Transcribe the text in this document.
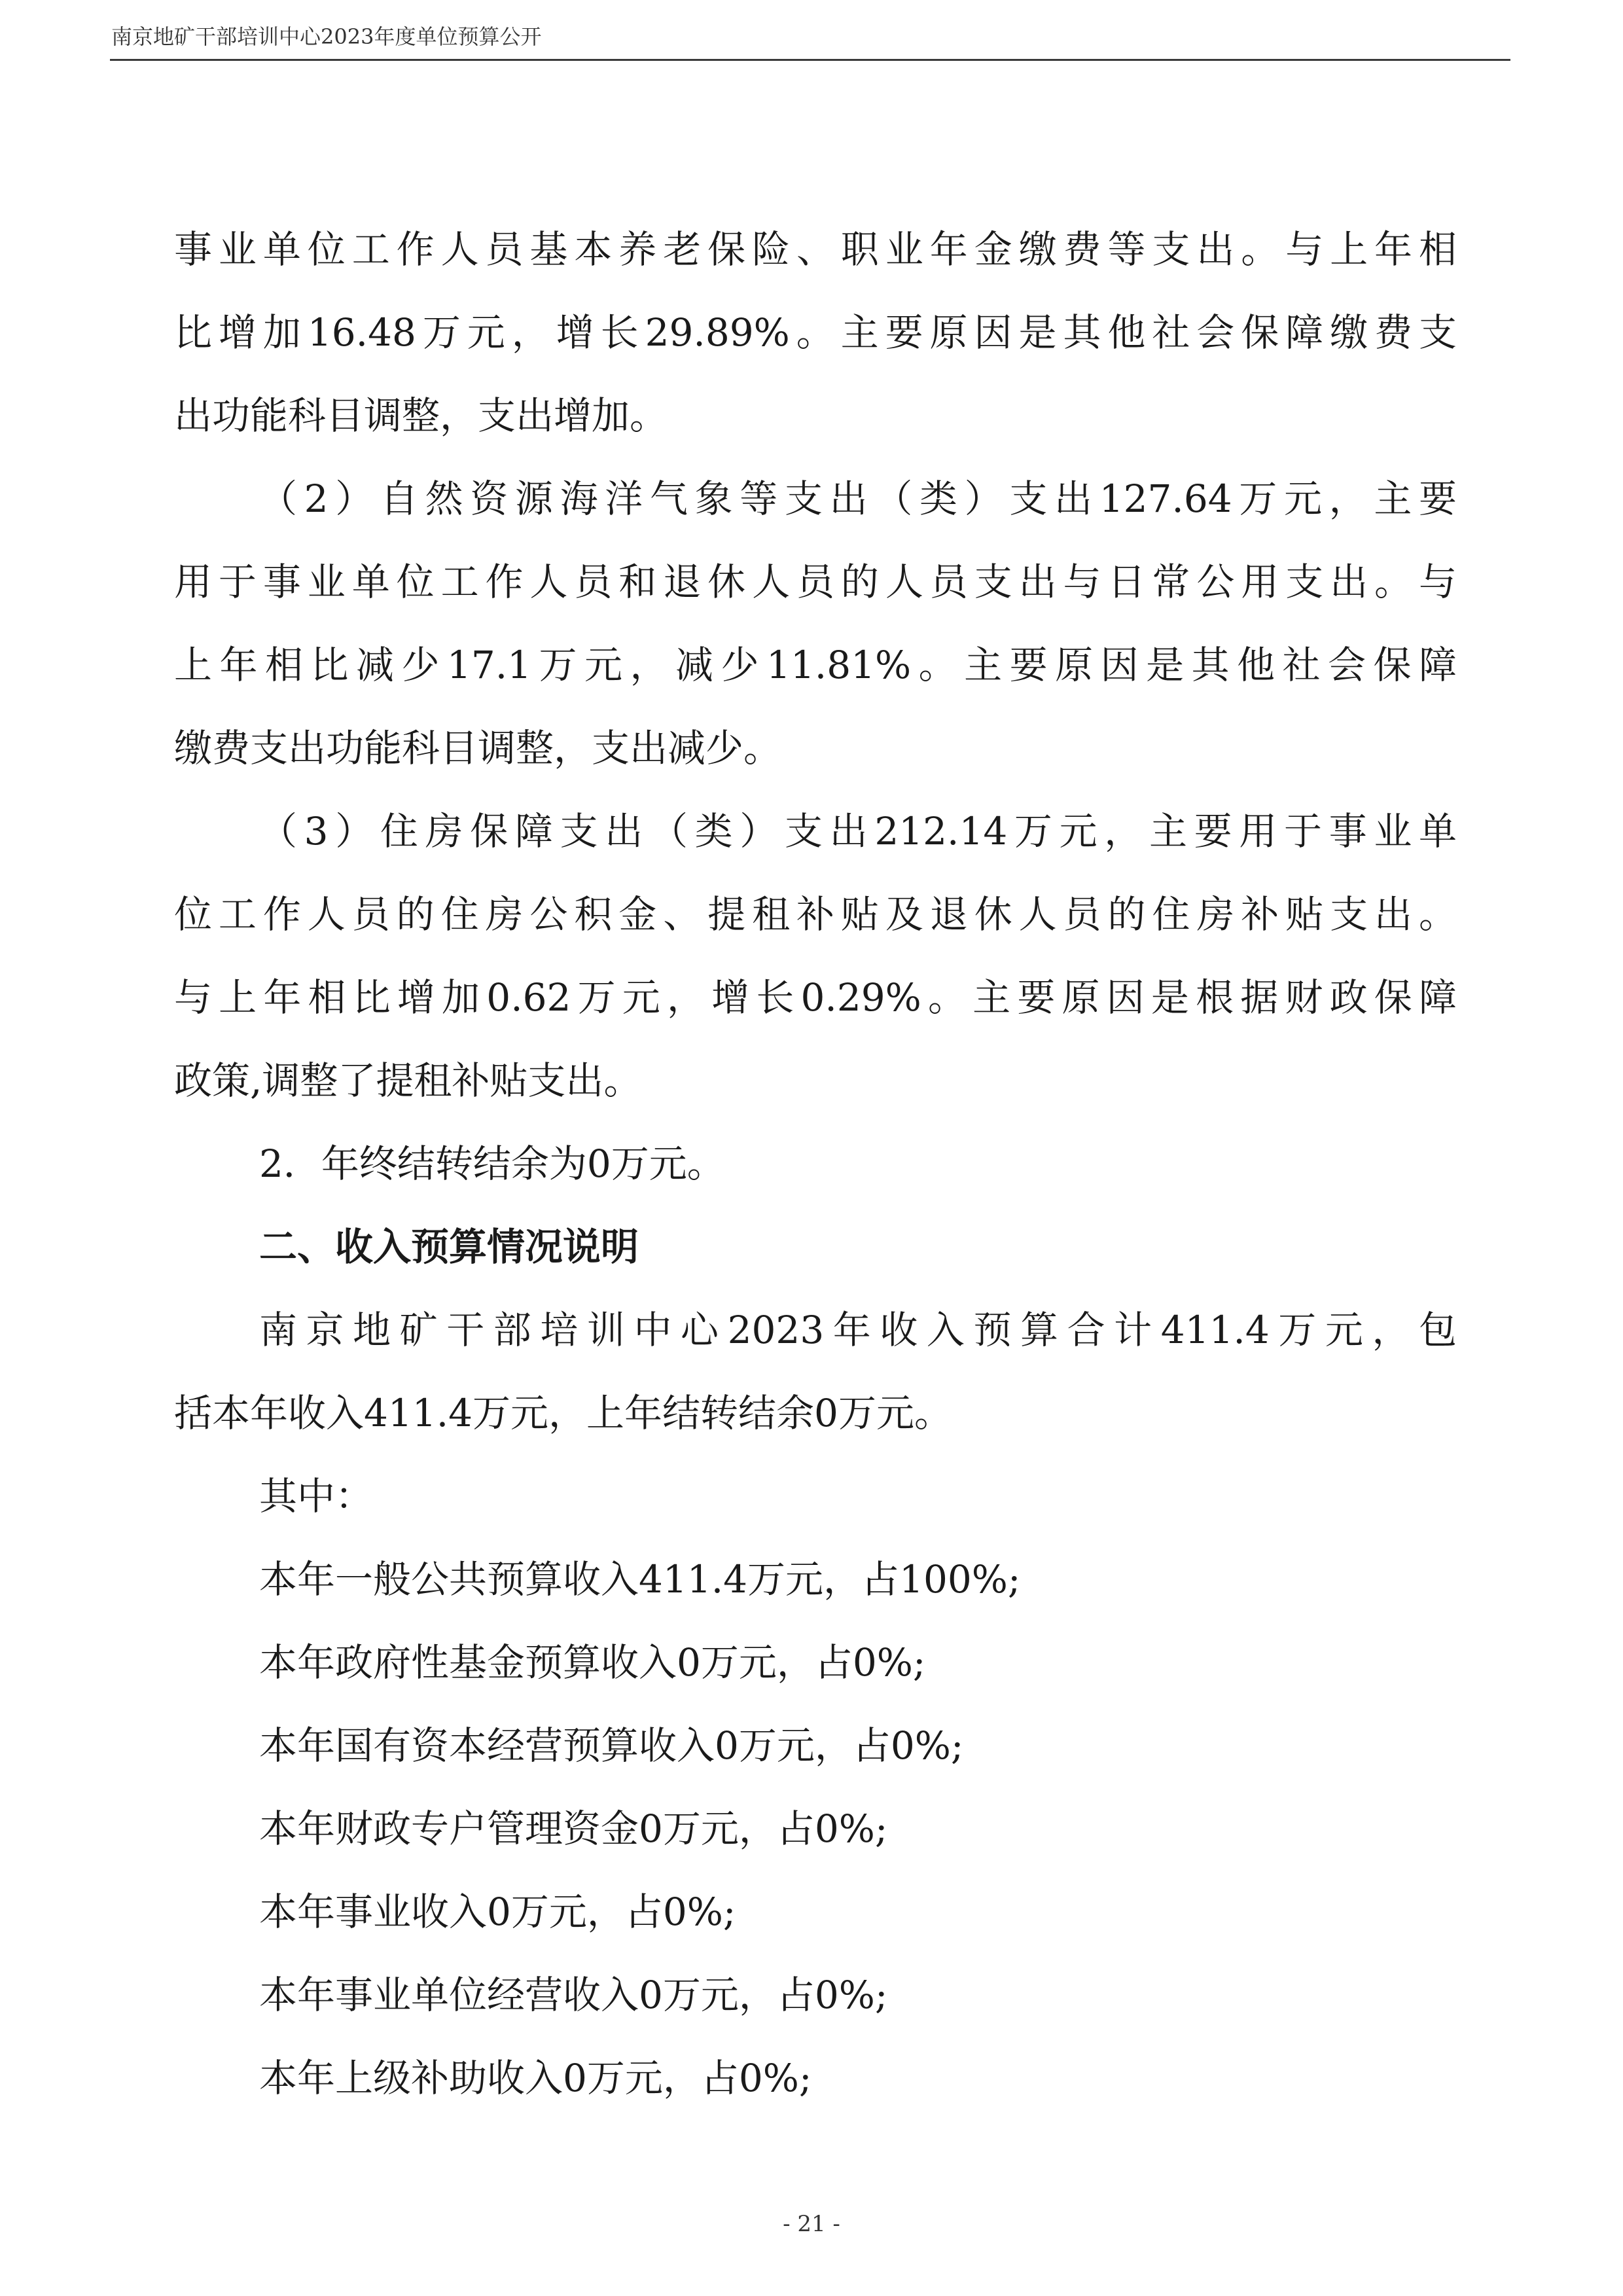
南京地矿干部培训中心2023年度单位预算公开
事业单位工作人员基本养老保险、职业年金缴费等支出。与上年相
比增加16.48万元，增长29.89%。主要原因是其他社会保障缴费支
出功能科目调整，支出增加。
（2）自然资源海洋气象等支出（类）支出127.64万元，主要
用于事业单位工作人员和退休人员的人员支出与日常公用支出。与
上年相比减少17.1万元，减少11.81%。主要原因是其他社会保障
缴费支出功能科目调整，支出减少。
（3）住房保障支出（类）支出212.14万元，主要用于事业单
位工作人员的住房公积金、提租补贴及退休人员的住房补贴支出。
与上年相比增加0.62万元，增长0.29%。主要原因是根据财政保障
政策,调整了提租补贴支出。
2．年终结转结余为0万元。
二、收入预算情况说明
南京地矿干部培训中心2023年收入预算合计411.4万元，包
括本年收入411.4万元，上年结转结余0万元。
其中：
本年一般公共预算收入411.4万元，占100%;
本年政府性基金预算收入0万元，占0%;
本年国有资本经营预算收入0万元，占0%;
本年财政专户管理资金0万元，占0%;
本年事业收入0万元，占0%;
本年事业单位经营收入0万元，占0%;
本年上级补助收入0万元，占0%;
- 21 -
